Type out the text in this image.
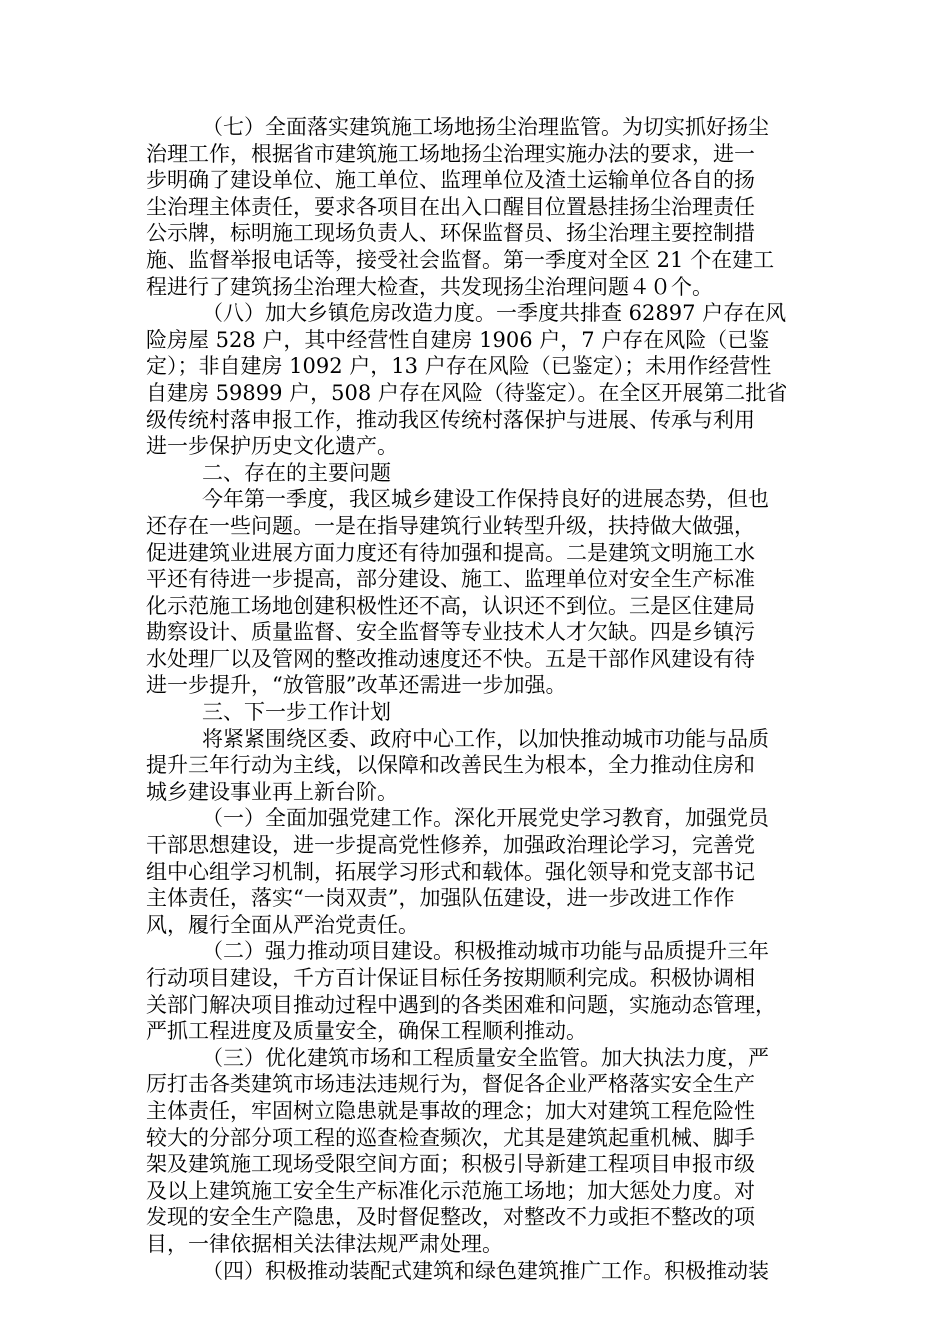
（七）全面落实建筑施工场地扬尘治理监管。为切实抓好扬尘
治理工作，根据省市建筑施工场地扬尘治理实施办法的要求，进一
步明确了建设单位、施工单位、监理单位及渣土运输单位各自的扬
尘治理主体责任，要求各项目在出入口醒目位置悬挂扬尘治理责任
公示牌，标明施工现场负责人、环保监督员、扬尘治理主要控制措
施、监督举报电话等，接受社会监督。第一季度对全区 21 个在建工
程进行了建筑扬尘治理大检查，共发现扬尘治理问题４０个。
（八）加大乡镇危房改造力度。一季度共排查 62897 户存在风
险房屋 528 户，其中经营性自建房 1906 户，7 户存在风险（已鉴
定）；非自建房 1092 户，13 户存在风险（已鉴定）；未用作经营性
自建房 59899 户，508 户存在风险（待鉴定）。在全区开展第二批省
级传统村落申报工作，推动我区传统村落保护与进展、传承与利用
进一步保护历史文化遗产。
二、存在的主要问题
今年第一季度，我区城乡建设工作保持良好的进展态势，但也
还存在一些问题。一是在指导建筑行业转型升级，扶持做大做强，
促进建筑业进展方面力度还有待加强和提高。二是建筑文明施工水
平还有待进一步提高，部分建设、施工、监理单位对安全生产标准
化示范施工场地创建积极性还不高，认识还不到位。三是区住建局
勘察设计、质量监督、安全监督等专业技术人才欠缺。四是乡镇污
水处理厂以及管网的整改推动速度还不快。五是干部作风建设有待
进一步提升，“放管服”改革还需进一步加强。
三、下一步工作计划
将紧紧围绕区委、政府中心工作，以加快推动城市功能与品质
提升三年行动为主线，以保障和改善民生为根本，全力推动住房和
城乡建设事业再上新台阶。
（一）全面加强党建工作。深化开展党史学习教育，加强党员
干部思想建设，进一步提高党性修养，加强政治理论学习，完善党
组中心组学习机制，拓展学习形式和载体。强化领导和党支部书记
主体责任，落实“一岗双责”，加强队伍建设，进一步改进工作作
风，履行全面从严治党责任。
（二）强力推动项目建设。积极推动城市功能与品质提升三年
行动项目建设，千方百计保证目标任务按期顺利完成。积极协调相
关部门解决项目推动过程中遇到的各类困难和问题，实施动态管理，
严抓工程进度及质量安全，确保工程顺利推动。
（三）优化建筑市场和工程质量安全监管。加大执法力度，严
厉打击各类建筑市场违法违规行为，督促各企业严格落实安全生产
主体责任，牢固树立隐患就是事故的理念；加大对建筑工程危险性
较大的分部分项工程的巡查检查频次，尤其是建筑起重机械、脚手
架及建筑施工现场受限空间方面；积极引导新建工程项目申报市级
及以上建筑施工安全生产标准化示范施工场地；加大惩处力度。对
发现的安全生产隐患，及时督促整改，对整改不力或拒不整改的项
目，一律依据相关法律法规严肃处理。
（四）积极推动装配式建筑和绿色建筑推广工作。积极推动装
